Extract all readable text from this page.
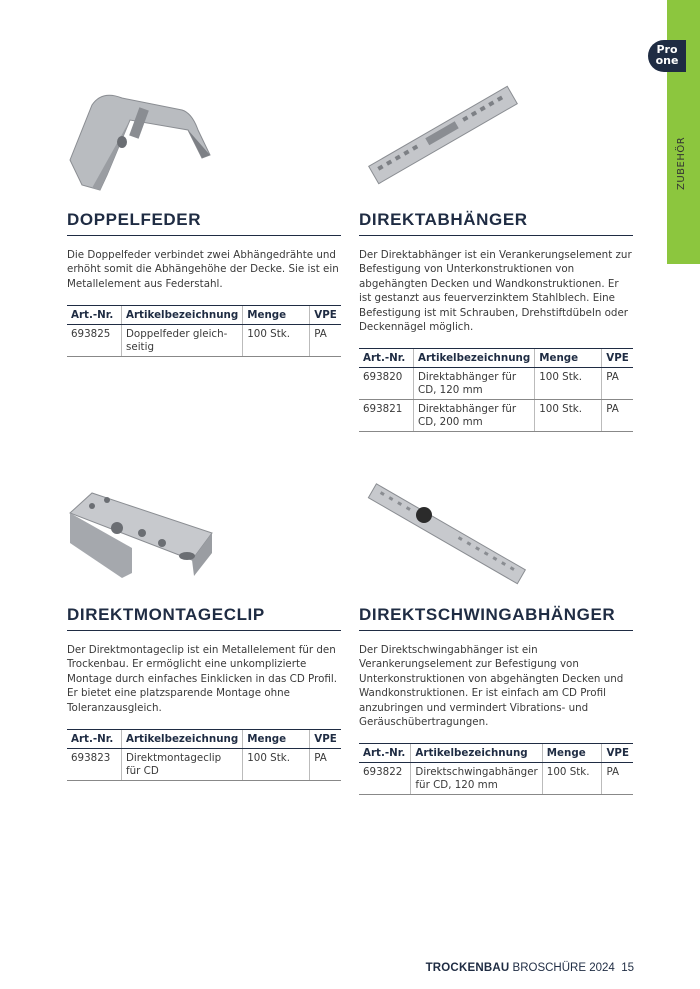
Pro
one
ZUBEHÖR
DOPPELFEDER

Die Doppelfeder verbindet zwei Abhängedrähte und erhöht somit die Abhängehöhe der Decke. Sie ist ein Metallelement aus Federstahl.

Art.-Nr.	Artikelbezeichnung	Menge	VPE
693825	Doppelfeder gleich-seitig	100 Stk.	PA
DIREKTABHÄNGER

Der Direktabhänger ist ein Verankerungselement zur Befestigung von Unterkonstruktionen von abgehängten Decken und Wandkonstruktionen. Er ist gestanzt aus feuerverzinktem Stahlblech. Eine Befestigung ist mit Schrauben, Drehstiftdübeln oder Deckennägel möglich.

Art.-Nr.	Artikelbezeichnung	Menge	VPE
693820	Direktabhänger für CD, 120 mm	100 Stk.	PA
693821	Direktabhänger für CD, 200 mm	100 Stk.	PA
DIREKTMONTAGECLIP

Der Direktmontageclip ist ein Metallelement für den Trockenbau. Er ermöglicht eine unkomplizierte Montage durch einfaches Einklicken in das CD Profil. Er bietet eine platzsparende Montage ohne Toleranzausgleich.

Art.-Nr.	Artikelbezeichnung	Menge	VPE
693823	Direktmontageclip für CD	100 Stk.	PA
DIREKTSCHWINGABHÄNGER

Der Direktschwingabhänger ist ein Verankerungselement zur Befestigung von Unterkonstruktionen von abgehängten Decken und Wandkonstruktionen. Er ist einfach am CD Profil anzubringen und vermindert Vibrations- und Geräuschübertragungen.

Art.-Nr.	Artikelbezeichnung	Menge	VPE
693822	Direktschwingabhänger für CD, 120 mm	100 Stk.	PA
TROCKENBAU BROSCHÜRE 2024 15
